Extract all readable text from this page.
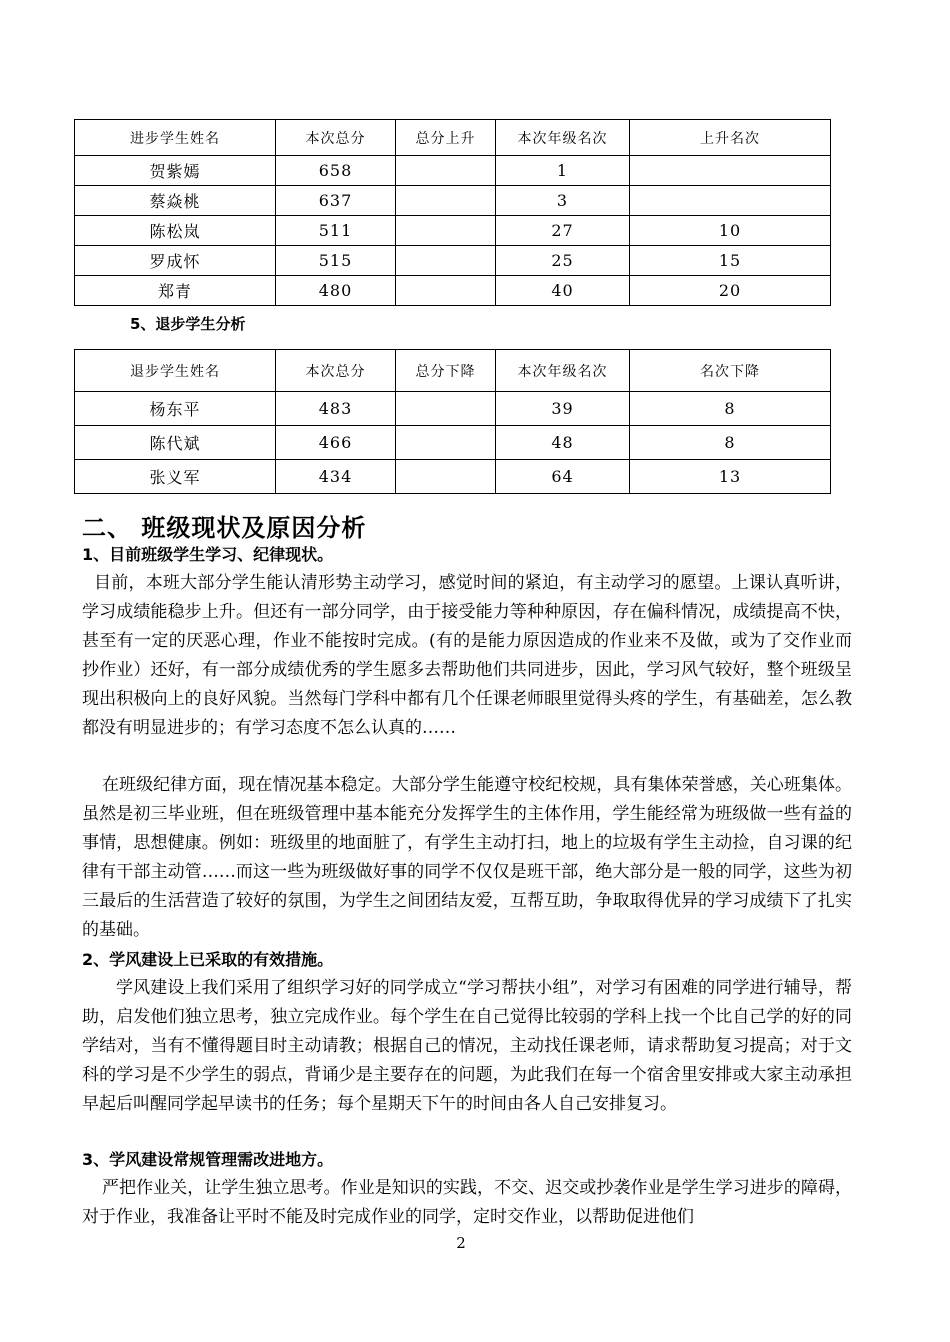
进步学生姓名	本次总分	总分上升	本次年级名次	上升名次
贺紫嫣	658		1	
蔡焱桃	637		3	
陈松岚	511		27	10
罗成怀	515		25	15
郑青	480		40	20
5、退步学生分析
退步学生姓名	本次总分	总分下降	本次年级名次	名次下降
杨东平	483		39	8
陈代斌	466		48	8
张义军	434		64	13
二、 班级现状及原因分析
1、目前班级学生学习、纪律现状。

目前，本班大部分学生能认清形势主动学习，感觉时间的紧迫，有主动学习的愿望。上课认真听讲，学习成绩能稳步上升。但还有一部分同学，由于接受能力等种种原因，存在偏科情况，成绩提高不快，甚至有一定的厌恶心理，作业不能按时完成。(有的是能力原因造成的作业来不及做，或为了交作业而抄作业）还好，有一部分成绩优秀的学生愿多去帮助他们共同进步，因此，学习风气较好，整个班级呈现出积极向上的良好风貌。当然每门学科中都有几个任课老师眼里觉得头疼的学生，有基础差，怎么教都没有明显进步的；有学习态度不怎么认真的……

在班级纪律方面，现在情况基本稳定。大部分学生能遵守校纪校规，具有集体荣誉感，关心班集体。虽然是初三毕业班，但在班级管理中基本能充分发挥学生的主体作用，学生能经常为班级做一些有益的事情，思想健康。例如：班级里的地面脏了，有学生主动打扫，地上的垃圾有学生主动捡，自习课的纪律有干部主动管……而这一些为班级做好事的同学不仅仅是班干部，绝大部分是一般的同学，这些为初三最后的生活营造了较好的氛围，为学生之间团结友爱，互帮互助，争取取得优异的学习成绩下了扎实的基础。

2、学风建设上已采取的有效措施。

学风建设上我们采用了组织学习好的同学成立“学习帮扶小组”，对学习有困难的同学进行辅导，帮助，启发他们独立思考，独立完成作业。每个学生在自己觉得比较弱的学科上找一个比自己学的好的同学结对，当有不懂得题目时主动请教；根据自己的情况，主动找任课老师，请求帮助复习提高；对于文科的学习是不少学生的弱点，背诵少是主要存在的问题，为此我们在每一个宿舍里安排或大家主动承担早起后叫醒同学起早读书的任务；每个星期天下午的时间由各人自己安排复习。

3、学风建设常规管理需改进地方。

严把作业关，让学生独立思考。作业是知识的实践，不交、迟交或抄袭作业是学生学习进步的障碍，对于作业，我准备让平时不能及时完成作业的同学，定时交作业，以帮助促进他们

2
